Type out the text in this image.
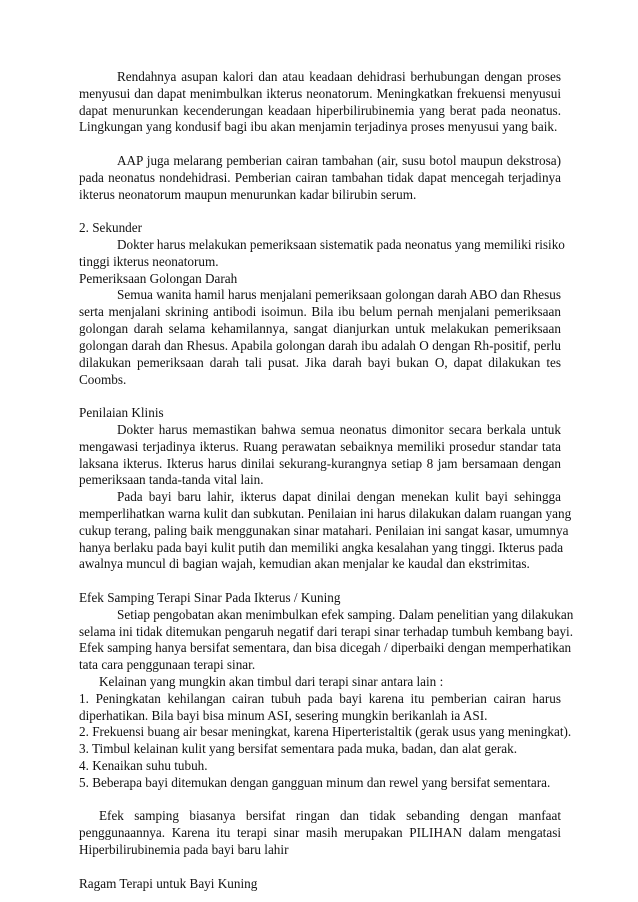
Rendahnya asupan kalori dan atau keadaan dehidrasi berhubungan dengan proses
menyusui dan dapat menimbulkan ikterus neonatorum. Meningkatkan frekuensi menyusui
dapat menurunkan kecenderungan keadaan hiperbilirubinemia yang berat pada neonatus.
Lingkungan yang kondusif bagi ibu akan menjamin terjadinya proses menyusui yang baik.
AAP juga melarang pemberian cairan tambahan (air, susu botol maupun dekstrosa)
pada neonatus nondehidrasi. Pemberian cairan tambahan tidak dapat mencegah terjadinya
ikterus neonatorum maupun menurunkan kadar bilirubin serum.
2. Sekunder
Dokter harus melakukan pemeriksaan sistematik pada neonatus yang memiliki risiko
tinggi ikterus neonatorum.
Pemeriksaan Golongan Darah
Semua wanita hamil harus menjalani pemeriksaan golongan darah ABO dan Rhesus
serta menjalani skrining antibodi isoimun. Bila ibu belum pernah menjalani pemeriksaan
golongan darah selama kehamilannya, sangat dianjurkan untuk melakukan pemeriksaan
golongan darah dan Rhesus. Apabila golongan darah ibu adalah O dengan Rh-positif, perlu
dilakukan pemeriksaan darah tali pusat. Jika darah bayi bukan O, dapat dilakukan tes
Coombs.
Penilaian Klinis
Dokter harus memastikan bahwa semua neonatus dimonitor secara berkala untuk
mengawasi terjadinya ikterus. Ruang perawatan sebaiknya memiliki prosedur standar tata
laksana ikterus. Ikterus harus dinilai sekurang-kurangnya setiap 8 jam bersamaan dengan
pemeriksaan tanda-tanda vital lain.
Pada bayi baru lahir, ikterus dapat dinilai dengan menekan kulit bayi sehingga
memperlihatkan warna kulit dan subkutan. Penilaian ini harus dilakukan dalam ruangan yang
cukup terang, paling baik menggunakan sinar matahari. Penilaian ini sangat kasar, umumnya
hanya berlaku pada bayi kulit putih dan memiliki angka kesalahan yang tinggi. Ikterus pada
awalnya muncul di bagian wajah, kemudian akan menjalar ke kaudal dan ekstrimitas.
Efek Samping Terapi Sinar Pada Ikterus / Kuning
Setiap pengobatan akan menimbulkan efek samping. Dalam penelitian yang dilakukan
selama ini tidak ditemukan pengaruh negatif dari terapi sinar terhadap tumbuh kembang bayi.
Efek samping hanya bersifat sementara, dan bisa dicegah / diperbaiki dengan memperhatikan
tata cara penggunaan terapi sinar.
Kelainan yang mungkin akan timbul dari terapi sinar antara lain :
1. Peningkatan kehilangan cairan tubuh pada bayi karena itu pemberian cairan harus
diperhatikan. Bila bayi bisa minum ASI, sesering mungkin berikanlah ia ASI.
2. Frekuensi buang air besar meningkat, karena Hiperteristaltik (gerak usus yang meningkat).
3. Timbul kelainan kulit yang bersifat sementara pada muka, badan, dan alat gerak.
4. Kenaikan suhu tubuh.
5. Beberapa bayi ditemukan dengan gangguan minum dan rewel yang bersifat sementara.
Efek samping biasanya bersifat ringan dan tidak sebanding dengan manfaat
penggunaannya. Karena itu terapi sinar masih merupakan PILIHAN dalam mengatasi
Hiperbilirubinemia pada bayi baru lahir
Ragam Terapi untuk Bayi Kuning
